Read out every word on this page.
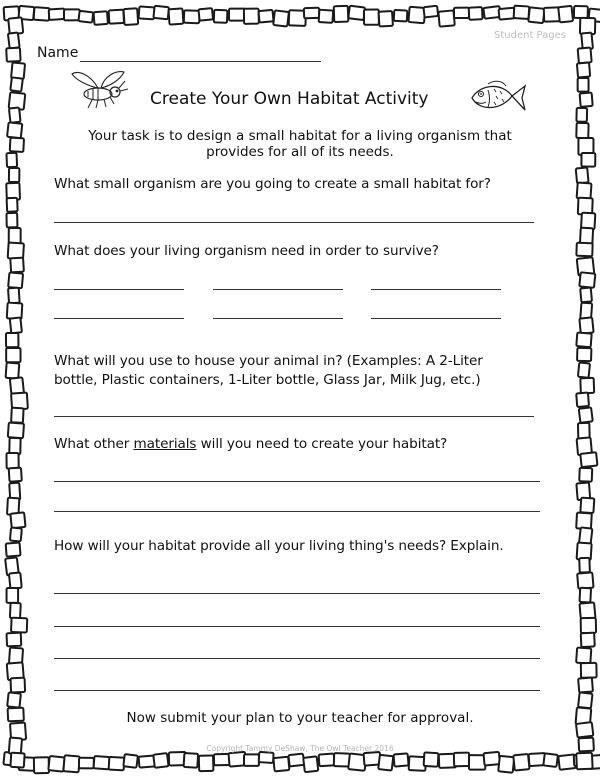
Student Pages
Name
Create Your Own Habitat Activity
Your task is to design a small habitat for a living organism that
provides for all of its needs.
What small organism are you going to create a small habitat for?
What does your living organism need in order to survive?
What will you use to house your animal in? (Examples: A 2-Liter
bottle, Plastic containers, 1-Liter bottle, Glass Jar, Milk Jug, etc.)
What other materials will you need to create your habitat?
How will your habitat provide all your living thing's needs? Explain.
Now submit your plan to your teacher for approval.
Copyright Tammy DeShaw, The Owl Teacher 2016
